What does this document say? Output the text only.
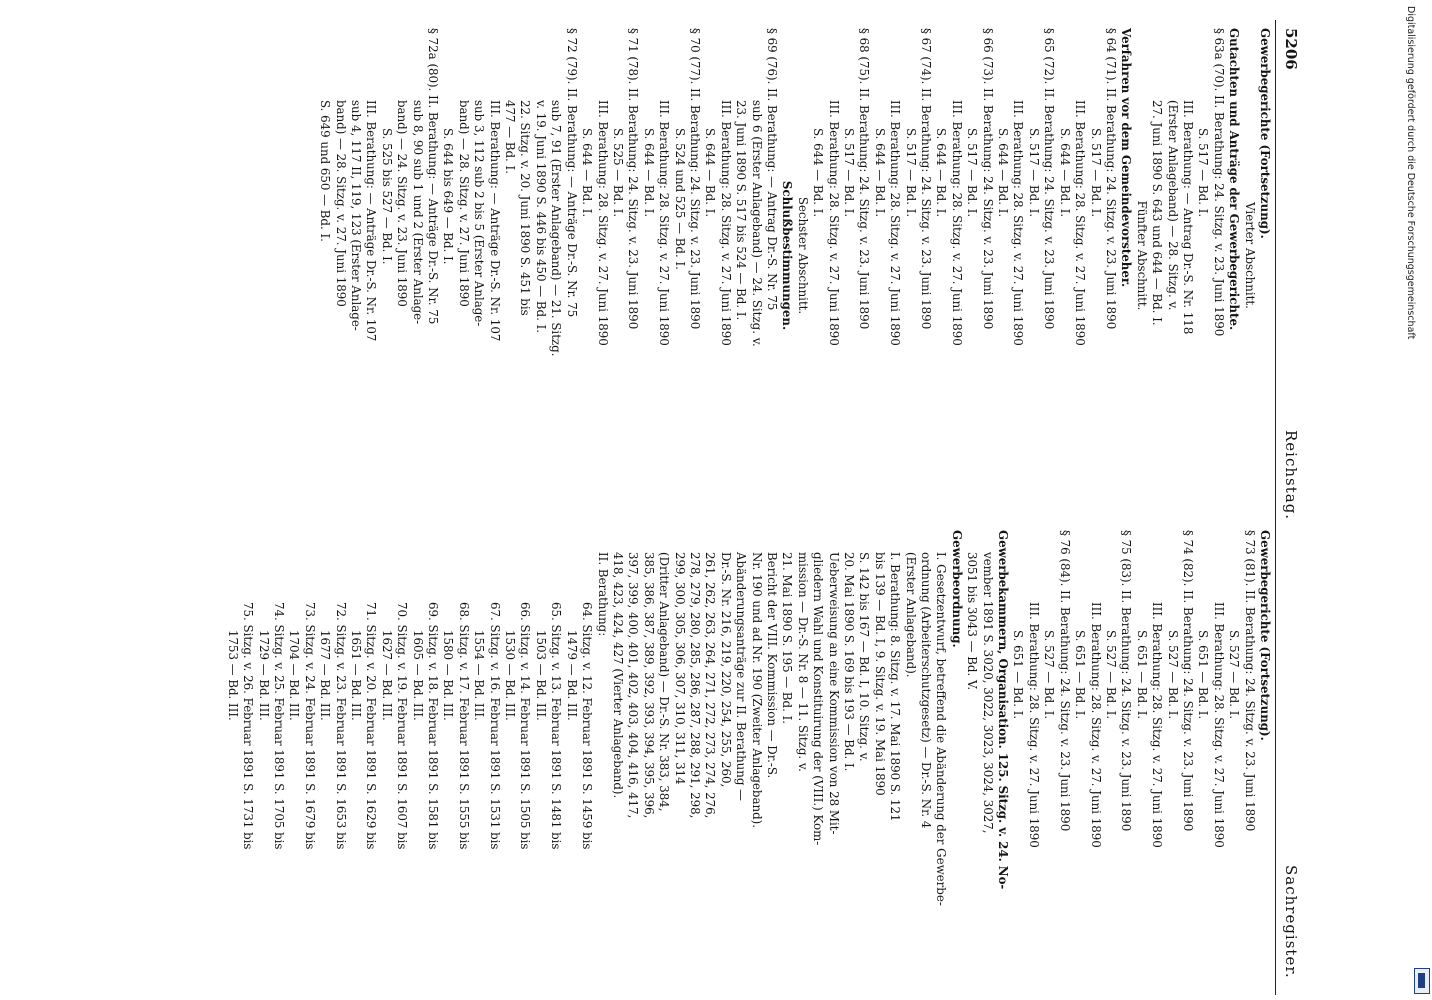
5206
Reichstag.
Sachregister.
Gewerbegerichte (Fortsetzung).
Vierter Abschnitt.
Gutachten und Anträge der Gewerbegerichte.
§ 63a (70). II. Berathung: 24. Sitzg. v. 23. Juni 1890
S. 517 — Bd. I.
III. Berathung: — Antrag Dr.-S. Nr. 118
(Erster Anlageband) — 28. Sitzg. v.
27. Juni 1890 S. 643 und 644 — Bd. I.
Fünfter Abschnitt.
Verfahren vor dem Gemeindevorsteher.
§ 64 (71). II. Berathung: 24. Sitzg. v. 23. Juni 1890
S. 517 — Bd. I.
III. Berathung: 28. Sitzg. v. 27. Juni 1890
S. 644 — Bd. I.
§ 65 (72). II. Berathung: 24. Sitzg. v. 23. Juni 1890
S. 517 — Bd. I.
III. Berathung: 28. Sitzg. v. 27. Juni 1890
S. 644 — Bd. I.
§ 66 (73). II. Berathung: 24. Sitzg. v. 23. Juni 1890
S. 517 — Bd. I.
III. Berathung: 28. Sitzg. v. 27. Juni 1890
S. 644 — Bd. I.
§ 67 (74). II. Berathung: 24. Sitzg. v. 23. Juni 1890
S. 517 — Bd. I.
III. Berathung: 28. Sitzg. v. 27. Juni 1890
S. 644 — Bd. I.
§ 68 (75). II. Berathung: 24. Sitzg. v. 23. Juni 1890
S. 517 — Bd. I.
III. Berathung: 28. Sitzg. v. 27. Juni 1890
S. 644 — Bd. I.
Sechster Abschnitt.
Schlußbestimmungen.
§ 69 (76). II. Berathung: — Antrag Dr.-S. Nr. 75
sub 6 (Erster Anlageband) — 24. Sitzg. v.
23. Juni 1890 S. 517 bis 524 — Bd. I.
III. Berathung: 28. Sitzg. v. 27. Juni 1890
S. 644 — Bd. I.
§ 70 (77). II. Berathung: 24. Sitzg. v. 23. Juni 1890
S. 524 und 525 — Bd. I.
III. Berathung: 28. Sitzg. v. 27. Juni 1890
S. 644 — Bd. I.
§ 71 (78). II. Berathung: 24. Sitzg. v. 23. Juni 1890
S. 525 — Bd. I.
III. Berathung: 28. Sitzg. v. 27. Juni 1890
S. 644 — Bd. I.
§ 72 (79). II. Berathung: — Anträge Dr.-S. Nr. 75
sub 7, 91 (Erster Anlageband) — 21. Sitzg.
v. 19. Juni 1890 S. 446 bis 450 — Bd. I.
22. Sitzg. v. 20. Juni 1890 S. 451 bis
477 — Bd. I.
III. Berathung: — Anträge Dr.-S. Nr. 107
sub 3, 112 sub 2 bis 5 (Erster Anlage-
band) — 28. Sitzg. v. 27. Juni 1890
S. 644 bis 649 — Bd. I.
§ 72a (80). II. Berathung: — Anträge Dr.-S. Nr. 75
sub 8, 90 sub 1 und 2 (Erster Anlage-
band) — 24. Sitzg. v. 23. Juni 1890
S. 525 bis 527 — Bd. I.
III. Berathung: — Anträge Dr.-S. Nr. 107
sub 4, 117 II, 119, 123 (Erster Anlage-
band) — 28. Sitzg. v. 27. Juni 1890
S. 649 und 650 — Bd. I.
Gewerbegerichte (Fortsetzung).
§ 73 (81). II. Berathung: 24. Sitzg. v. 23. Juni 1890
S. 527 — Bd. I.
III. Berathung: 28. Sitzg. v. 27. Juni 1890
S. 651 — Bd. I.
§ 74 (82). II. Berathung: 24. Sitzg. v. 23. Juni 1890
S. 527 — Bd. I.
III. Berathung: 28. Sitzg. v. 27. Juni 1890
S. 651 — Bd. I.
§ 75 (83). II. Berathung: 24. Sitzg. v. 23. Juni 1890
S. 527 — Bd. I.
III. Berathung: 28. Sitzg. v. 27. Juni 1890
S. 651 — Bd. I.
§ 76 (84). II. Berathung: 24. Sitzg. v. 23. Juni 1890
S. 527 — Bd. I.
III. Berathung: 28. Sitzg. v. 27. Juni 1890
S. 651 — Bd. I.
Gewerbekammern, Organisation. 125. Sitzg. v. 24. No-
vember 1891 S. 3020, 3022, 3023, 3024, 3027,
3051 bis 3043 — Bd. V.
Gewerbeordnung.
I. Gesetzentwurf, betreffend die Abänderung der Gewerbe-
ordnung (Arbeiterschutzgesetz) — Dr.-S. Nr. 4
(Erster Anlageband).
I. Berathung: 8. Sitzg. v. 17. Mai 1890 S. 121
bis 139 — Bd. I, 9. Sitzg. v. 19. Mai 1890
S. 142 bis 167 — Bd. I, 10. Sitzg. v.
20. Mai 1890 S. 169 bis 193 — Bd. I.
Ueberweisung an eine Kommission von 28 Mit-
gliedern Wahl und Konstituirung der (VIII.) Kom-
mission — Dr.-S. Nr. 8 — 11. Sitzg. v.
21. Mai 1890 S. 195 — Bd. I.
Bericht der VIII. Kommission — Dr.-S.
Nr. 190 und ad Nr. 190 (Zweiter Anlageband).
Abänderungsanträge zur II. Berathung —
Dr.-S. Nr. 216, 219, 220, 254, 255, 260,
261, 262, 263, 264, 271, 272, 273, 274, 276,
278, 279, 280, 285, 286, 287, 288, 291, 298,
299, 300, 305, 306, 307, 310, 311, 314
(Dritter Anlageband) — Dr.-S. Nr. 383, 384,
385, 386, 387, 389, 392, 393, 394, 395, 396,
397, 399, 400, 401, 402, 403, 404, 416, 417,
418, 423, 424, 427 (Vierter Anlageband).
II. Berathung:
64. Sitzg. v. 12. Februar 1891 S. 1459 bis
1479 — Bd. III.
65. Sitzg. v. 13. Februar 1891 S. 1481 bis
1503 — Bd. III.
66. Sitzg. v. 14. Februar 1891 S. 1505 bis
1530 — Bd. III.
67. Sitzg. v. 16. Februar 1891 S. 1531 bis
1554 — Bd. III.
68. Sitzg. v. 17. Februar 1891 S. 1555 bis
1580 — Bd. III.
69. Sitzg. v. 18. Februar 1891 S. 1581 bis
1605 — Bd. III.
70. Sitzg. v. 19. Februar 1891 S. 1607 bis
1627 — Bd. III.
71. Sitzg. v. 20. Februar 1891 S. 1629 bis
1651 — Bd. III.
72. Sitzg. v. 23. Februar 1891 S. 1653 bis
1677 — Bd. III.
73. Sitzg. v. 24. Februar 1891 S. 1679 bis
1704 — Bd. III.
74. Sitzg. v. 25. Februar 1891 S. 1705 bis
1729 — Bd. III.
75. Sitzg. v. 26. Februar 1891 S. 1731 bis
1753 — Bd. III.
Digitalisierung gefördert durch die Deutsche Forschungsgemeinschaft
